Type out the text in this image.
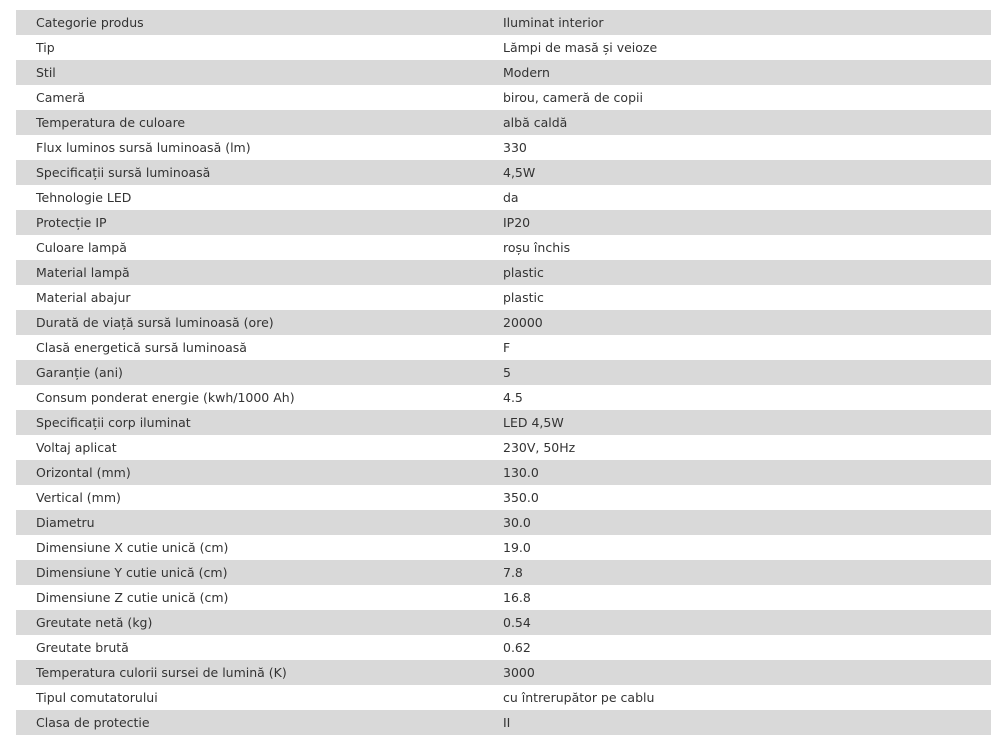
Categorie produs	Iluminat interior
Tip	Lămpi de masă și veioze
Stil	Modern
Cameră	birou, cameră de copii
Temperatura de culoare	albă caldă
Flux luminos sursă luminoasă (lm)	330
Specificații sursă luminoasă	4,5W
Tehnologie LED	da
Protecție IP	IP20
Culoare lampă	roșu închis
Material lampă	plastic
Material abajur	plastic
Durată de viață sursă luminoasă (ore)	20000
Clasă energetică sursă luminoasă	F
Garanție (ani)	5
Consum ponderat energie (kwh/1000 Ah)	4.5
Specificații corp iluminat	LED 4,5W
Voltaj aplicat	230V, 50Hz
Orizontal (mm)	130.0
Vertical (mm)	350.0
Diametru	30.0
Dimensiune X cutie unică (cm)	19.0
Dimensiune Y cutie unică (cm)	7.8
Dimensiune Z cutie unică (cm)	16.8
Greutate netă (kg)	0.54
Greutate brută	0.62
Temperatura culorii sursei de lumină (K)	3000
Tipul comutatorului	cu întrerupător pe cablu
Clasa de protectie	II
